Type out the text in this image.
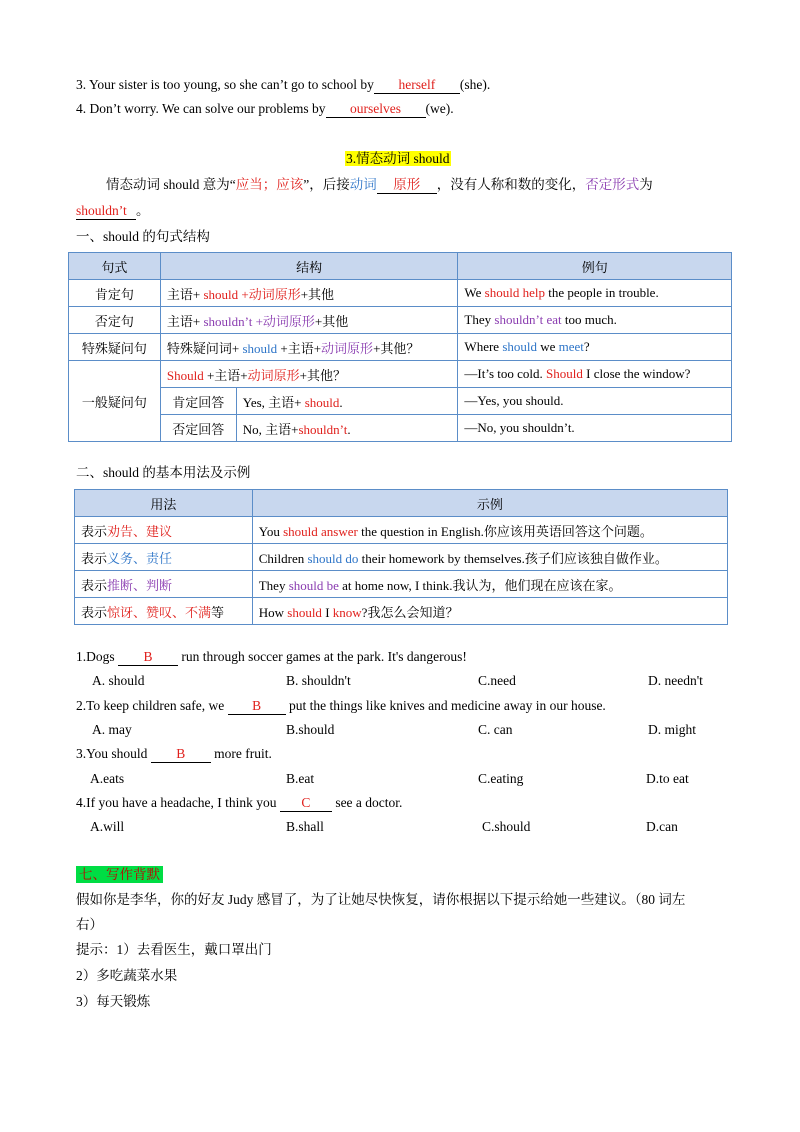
3. Your sister is too young, so she can’t go to school by herself (she).
4. Don’t worry. We can solve our problems by ourselves (we).
3.情态动词 should
情态动词 should 意为“应当；应该”，后接动词 原形 ，没有人称和数的变化，否定形式为
shouldn’t 。
一、should 的句式结构
句式	结构		例句
肯定句	主语+ should +动词原形+其他		We should help the people in trouble.
否定句	主语+ shouldn’t +动词原形+其他		They shouldn’t eat too much.
特殊疑问句	特殊疑问词+ should +主语+动词原形+其他？		Where should we meet?
一般疑问句	Should +主语+动词原形+其他？		—It’s too cold. Should I close the window?
	肯定回答	Yes, 主语+ should.	—Yes, you should.
	否定回答	No, 主语+shouldn’t.	—No, you shouldn’t.
二、should 的基本用法及示例
用法	示例
表示劝告、建议	You should answer the question in English.你应该用英语回答这个问题。
表示义务、责任	Children should do their homework by themselves.孩子们应该独自做作业。
表示推断、判断	They should be at home now, I think.我认为，他们现在应该在家。
表示惊讶、赞叹、不满等	How should I know?我怎么会知道？
1.Dogs B run through soccer games at the park. It's dangerous!
A. should	B. shouldn't	C.need	D. needn't
2.To keep children safe, we B put the things like knives and medicine away in our house.
A. may	B.should	C. can	D. might
3.You should B more fruit.
A.eats	B.eat	C.eating	D.to eat
4.If you have a headache, I think you C see a doctor.
A.will	B.shall	C.should	D.can
七、写作背默
假如你是李华，你的好友 Judy 感冒了，为了让她尽快恢复，请你根据以下提示给她一些建议。（80 词左
右）
提示：1）去看医生，戴口罩出门
2）多吃蔬菜水果
3）每天锻炼
